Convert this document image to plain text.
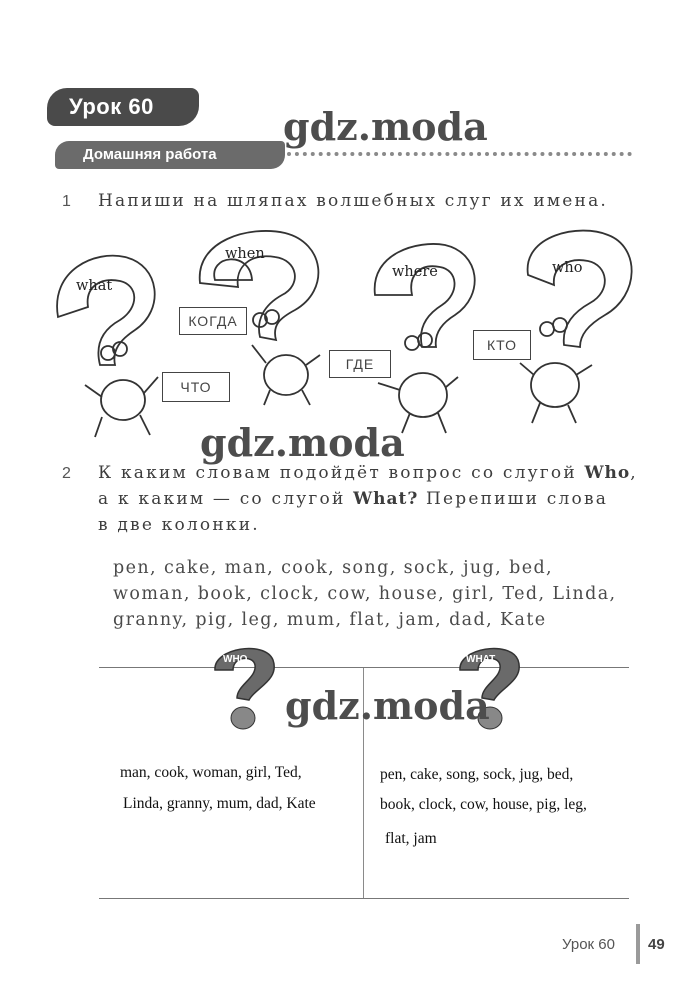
Урок 60
Домашняя работа
gdz.moda
1 Напиши на шляпах волшебных слуг их имена.
ЧТО
КОГДА
ГДЕ
КТО
what
when
where	who
gdz.moda
2 К каким словам подойдёт вопрос со слугой Who,
а к каким — со слугой What? Перепиши слова
в две колонки.
pen, cake, man, cook, song, sock, jug, bed,
woman, book, clock, cow, house, girl, Ted, Linda,
granny, pig, leg, mum, flat, jam, dad, Kate
WHO	WHAT
gdz.moda
man, cook, woman, girl, Ted,
Linda, granny, mum, dad, Kate
pen, cake, song, sock, jug, bed,
book, clock, cow, house, pig, leg,
flat, jam
Урок 60 49
